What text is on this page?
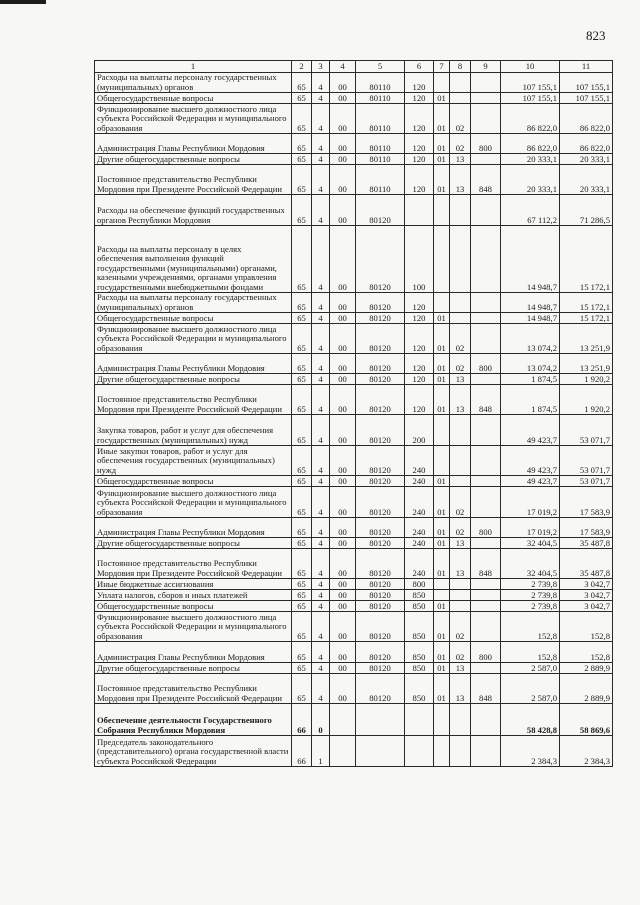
823
1	2	3	4	5	6	7	8	9	10	11
Расходы на выплаты персоналу государственных (муниципальных) органов	65	4	00	80110	120				107 155,1	107 155,1
Общегосударственные вопросы	65	4	00	80110	120	01			107 155,1	107 155,1
Функционирование высшего должностного лица субъекта Российской Федерации и муниципального образования	65	4	00	80110	120	01	02		86 822,0	86 822,0
Администрация Главы Республики Мордовия	65	4	00	80110	120	01	02	800	86 822,0	86 822,0
Другие общегосударственные вопросы	65	4	00	80110	120	01	13		20 333,1	20 333,1
Постоянное представительство Республики Мордовия при Президенте Российской Федерации	65	4	00	80110	120	01	13	848	20 333,1	20 333,1
Расходы на обеспечение функций государственных органов Республики Мордовия	65	4	00	80120					67 112,2	71 286,5
Расходы на выплаты персоналу в целях обеспечения выполнения функций государственными (муниципальными) органами, казенными учреждениями, органами управления государственными внебюджетными фондами	65	4	00	80120	100				14 948,7	15 172,1
Расходы на выплаты персоналу государственных (муниципальных) органов	65	4	00	80120	120				14 948,7	15 172,1
Общегосударственные вопросы	65	4	00	80120	120	01			14 948,7	15 172,1
Функционирование высшего должностного лица субъекта Российской Федерации и муниципального образования	65	4	00	80120	120	01	02		13 074,2	13 251,9
Администрация Главы Республики Мордовия	65	4	00	80120	120	01	02	800	13 074,2	13 251,9
Другие общегосударственные вопросы	65	4	00	80120	120	01	13		1 874,5	1 920,2
Постоянное представительство Республики Мордовия при Президенте Российской Федерации	65	4	00	80120	120	01	13	848	1 874,5	1 920,2
Закупка товаров, работ и услуг для обеспечения государственных (муниципальных) нужд	65	4	00	80120	200				49 423,7	53 071,7
Иные закупки товаров, работ и услуг для обеспечения государственных (муниципальных) нужд	65	4	00	80120	240				49 423,7	53 071,7
Общегосударственные вопросы	65	4	00	80120	240	01			49 423,7	53 071,7
Функционирование высшего должностного лица субъекта Российской Федерации и муниципального образования	65	4	00	80120	240	01	02		17 019,2	17 583,9
Администрация Главы Республики Мордовия	65	4	00	80120	240	01	02	800	17 019,2	17 583,9
Другие общегосударственные вопросы	65	4	00	80120	240	01	13		32 404,5	35 487,8
Постоянное представительство Республики Мордовия при Президенте Российской Федерации	65	4	00	80120	240	01	13	848	32 404,5	35 487,8
Иные бюджетные ассигнования	65	4	00	80120	800				2 739,8	3 042,7
Уплата налогов, сборов и иных платежей	65	4	00	80120	850				2 739,8	3 042,7
Общегосударственные вопросы	65	4	00	80120	850	01			2 739,8	3 042,7
Функционирование высшего должностного лица субъекта Российской Федерации и муниципального образования	65	4	00	80120	850	01	02		152,8	152,8
Администрация Главы Республики Мордовия	65	4	00	80120	850	01	02	800	152,8	152,8
Другие общегосударственные вопросы	65	4	00	80120	850	01	13		2 587,0	2 889,9
Постоянное представительство Республики Мордовия при Президенте Российской Федерации	65	4	00	80120	850	01	13	848	2 587,0	2 889,9
Обеспечение деятельности Государственного Собрания Республики Мордовия	66	0							58 428,8	58 869,6
Председатель законодательного (представительного) органа государственной власти субъекта Российской Федерации	66	1							2 384,3	2 384,3
